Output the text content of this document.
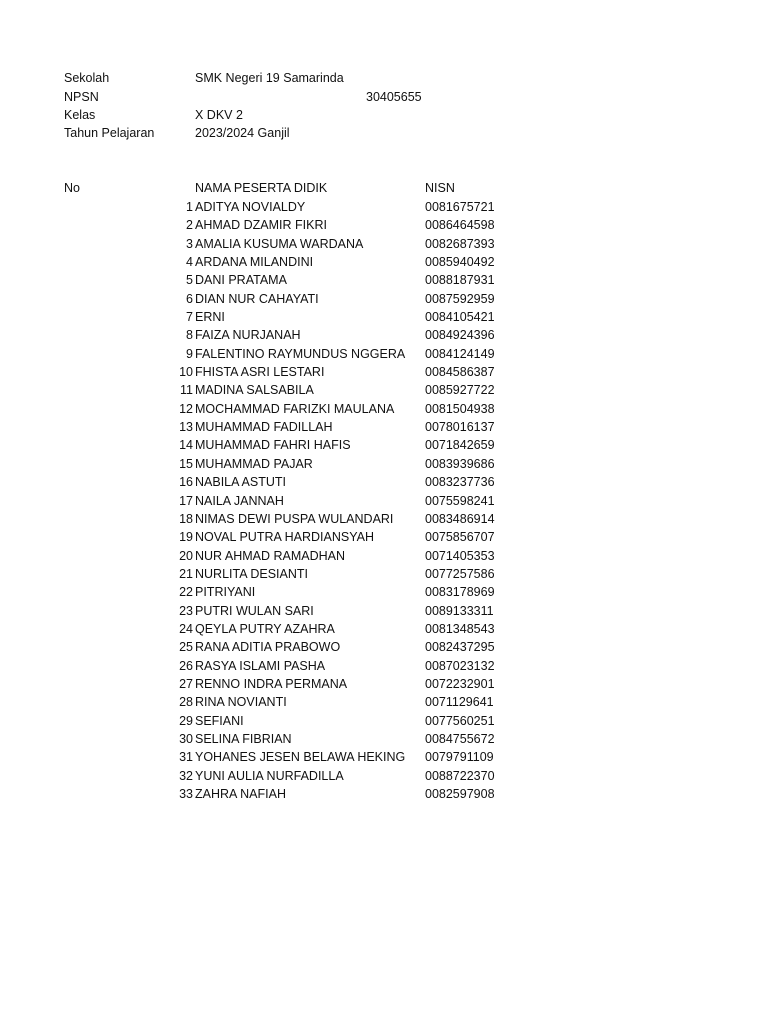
Sekolah	SMK Negeri 19 Samarinda
NPSN	30405655
Kelas	X DKV 2
Tahun Pelajaran	2023/2024 Ganjil
No	NAMA PESERTA DIDIK	NISN
1 ADITYA NOVIALDY	0081675721
2 AHMAD DZAMIR FIKRI	0086464598
3 AMALIA KUSUMA WARDANA	0082687393
4 ARDANA MILANDINI	0085940492
5 DANI PRATAMA	0088187931
6 DIAN NUR CAHAYATI	0087592959
7 ERNI	0084105421
8 FAIZA NURJANAH	0084924396
9 FALENTINO RAYMUNDUS NGGERA 0084124149
10 FHISTA ASRI LESTARI	0084586387
11 MADINA SALSABILA	0085927722
12 MOCHAMMAD FARIZKI MAULANA 0081504938
13 MUHAMMAD FADILLAH	0078016137
14 MUHAMMAD FAHRI HAFIS	0071842659
15 MUHAMMAD PAJAR	0083939686
16 NABILA ASTUTI	0083237736
17 NAILA JANNAH	0075598241
18 NIMAS DEWI PUSPA WULANDARI	0083486914
19 NOVAL PUTRA HARDIANSYAH	0075856707
20 NUR AHMAD RAMADHAN	0071405353
21 NURLITA DESIANTI	0077257586
22 PITRIYANI	0083178969
23 PUTRI WULAN SARI	0089133311
24 QEYLA PUTRY AZAHRA	0081348543
25 RANA ADITIA PRABOWO	0082437295
26 RASYA ISLAMI PASHA	0087023132
27 RENNO INDRA PERMANA	0072232901
28 RINA NOVIANTI	0071129641
29 SEFIANI	0077560251
30 SELINA FIBRIAN	0084755672
31 YOHANES JESEN BELAWA HEKING 0079791109
32 YUNI AULIA NURFADILLA	0088722370
33 ZAHRA NAFIAH	0082597908
